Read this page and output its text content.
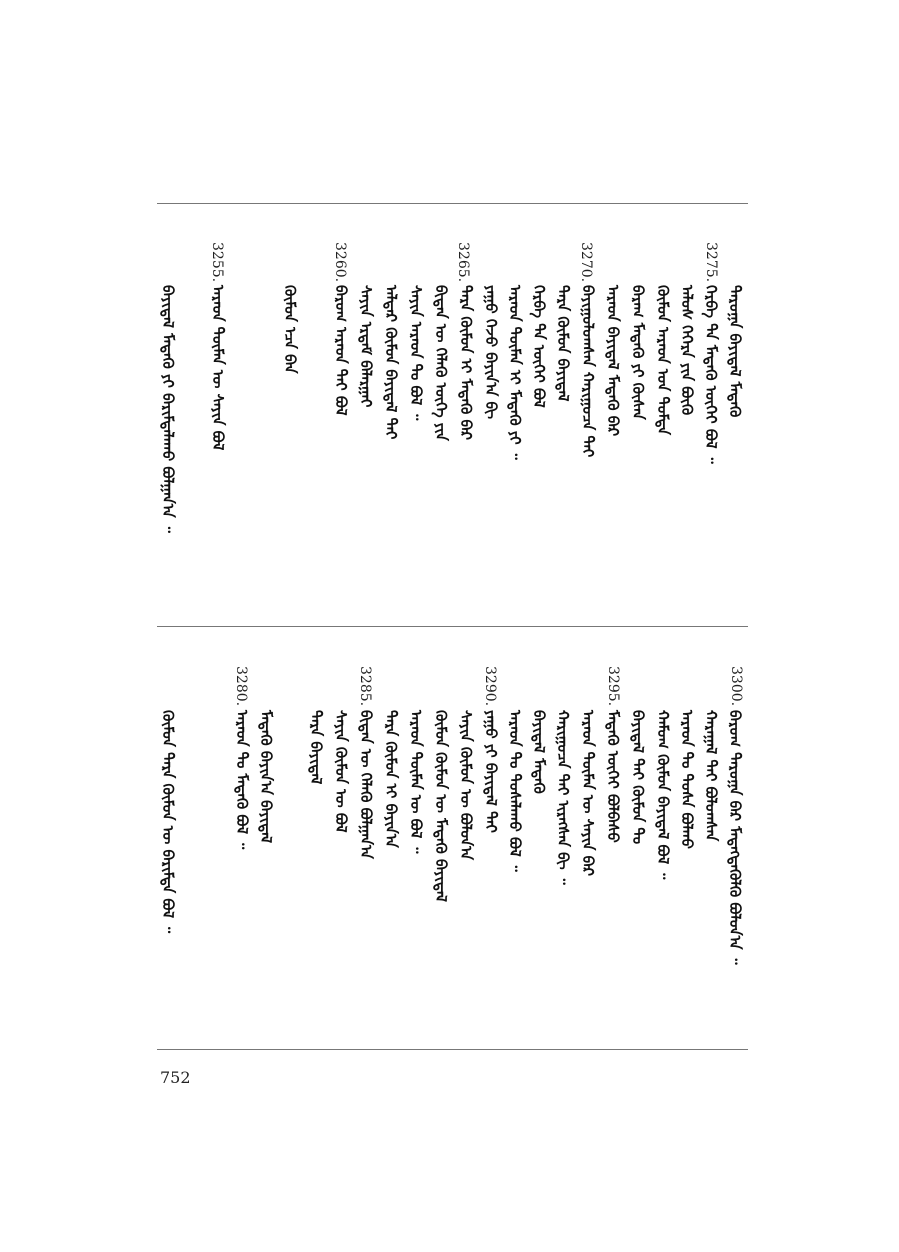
3275.
3270.
3265.
3260.
3255.
ᠳᠠᠷᠤᠭᠠ ᠪᠠᠶᠢᠳᠠᠯ ᠮᠡᠳᠡᠬᠦ
ᠬᠡᠷᠪᠡ ᠲᠠ ᠮᠡᠳᠡᠬᠦ ᠦᠭᠡᠢ ᠪᠣᠯ ᠃
ᠠᠯᠤᠰ ᠬᠡᠭᠡᠷᠡ ᠶᠢᠨ ᠪᠦᠬᠦ
ᠬᠦᠮᠦᠨ ᠠᠷᠠᠳ ᠤᠨ ᠳᠤᠮᠳᠠ
ᠪᠠᠷᠠᠭ ᠮᠡᠳᠡᠬᠦ ᠶᠢ ᠬᠦᠰᠡᠨ
ᠠᠷᠠᠳ ᠪᠠᠶᠢᠳᠠᠯ ᠮᠡᠳᠡᠬᠦ ᠪᠠᠷ
ᠪᠠᠶᠢᠭᠤᠯᠤᠭᠰᠠᠨ ᠬᠠᠷᠢᠭᠤᠴᠠ ᠲᠠᠢ
ᠲᠡᠷᠡ ᠬᠦᠮᠦᠨ ᠪᠠᠶᠢᠳᠠᠯ
ᠬᠡᠷᠪᠡ ᠲᠠ ᠦᠭᠡᠢ ᠪᠣᠯ
ᠠᠷᠠᠳ ᠲᠦᠮᠡᠨ ᠢ ᠮᠡᠳᠡᠬᠦ ᠶᠢ ᠃
ᠶᠠᠭᠤ ᠬᠡᠵᠦ ᠪᠠᠶᠢᠨ᠎ᠠ ᠪᠢ
ᠲᠡᠷᠡ ᠬᠦᠮᠦᠨ ᠢ ᠮᠡᠳᠡᠬᠦ ᠪᠠᠷ
ᠪᠢᠳᠡᠨ ᠦ ᠬᠡᠯᠡᠬᠦ ᠦᠭᠡ ᠶᠢᠨ
ᠰᠠᠶᠢᠨ ᠠᠷᠠᠳ ᠲᠤ ᠪᠣᠯ ᠃
ᠠᠯᠳᠠᠷ ᠬᠦᠮᠦᠨ ᠪᠠᠶᠢᠳᠠᠯ ᠲᠠᠢ
ᠰᠠᠶᠢᠨ ᠡᠷᠳᠡᠮ ᠪᠠᠯᠠᠷᠭᠠᠢ
ᠪᠠᠷᠤᠭ ᠠᠷᠠᠳ ᠲᠠᠢ ᠪᠣᠯ
ᠬᠦᠮᠦᠨ ᠡᠴᠡ ᠪᠡᠨ
ᠠᠷᠠᠳ ᠲᠦᠮᠡᠨ ᠦ ᠰᠠᠶᠢᠨ ᠪᠣᠯ
ᠪᠠᠶᠢᠳᠠᠯ ᠮᠡᠳᠡᠬᠦ ᠶᠢ ᠪᠠᠷᠢᠮᠲᠠᠯᠠᠬᠤ ᠪᠣᠯᠭᠠᠨ᠎ᠠ ᠃
3300.
3295.
3290.
3285.
3280.
ᠪᠠᠷᠤᠭ ᠳᠠᠷᠤᠭᠠ ᠪᠠᠷ ᠮᠡᠳᠡᠭᠳᠡᠭᠦᠯᠬᠦ ᠪᠣᠯᠣᠨ᠎ᠠ ᠃
ᠬᠠᠷᠠᠭᠠᠯ ᠲᠠᠢ ᠪᠣᠯᠣᠭᠰᠠᠨ
ᠠᠷᠠᠳ ᠲᠤ ᠲᠤᠰᠠ ᠪᠣᠯᠬᠤ
ᠬᠠᠮᠤᠭ ᠬᠦᠮᠦᠨ ᠪᠠᠶᠢᠳᠠᠯ ᠪᠣᠯ ᠃
ᠪᠠᠶᠢᠳᠠᠯ ᠲᠠᠢ ᠬᠦᠮᠦᠨ ᠲᠤ
ᠮᠡᠳᠡᠬᠦ ᠦᠭᠡᠢ ᠪᠣᠯᠪᠠᠰᠤ
ᠠᠷᠠᠳ ᠲᠦᠮᠡᠨ ᠦ ᠰᠠᠶᠢᠨ ᠪᠠᠷ
ᠬᠠᠷᠢᠭᠤᠴᠠ ᠲᠠᠢ ᠢᠷᠡᠭᠰᠡᠨ ᠪᠢ ᠃
ᠪᠠᠶᠢᠳᠠᠯ ᠮᠡᠳᠡᠬᠦ
ᠠᠷᠠᠳ ᠲᠤ ᠲᠤᠰᠠᠯᠠᠬᠤ ᠪᠣᠯ ᠃
ᠶᠠᠭᠤ ᠶᠢ ᠪᠠᠶᠢᠳᠠᠯ ᠲᠠᠢ
ᠰᠠᠶᠢᠨ ᠬᠦᠮᠦᠨ ᠦ ᠪᠣᠯᠣᠨ᠎ᠠ
ᠬᠦᠮᠦᠨ ᠬᠦᠮᠦᠨ ᠦ ᠮᠡᠳᠡᠬᠦ ᠪᠠᠶᠢᠳᠠᠯ
ᠠᠷᠠᠳ ᠲᠦᠮᠡᠨ ᠦ ᠪᠣᠯ ᠃
ᠲᠡᠷᠡ ᠬᠦᠮᠦᠨ ᠢ ᠪᠠᠶᠢᠨ᠎ᠠ
ᠪᠢᠳᠡᠨ ᠦ ᠬᠡᠯᠡᠬᠦ ᠪᠣᠯᠭᠠᠨ᠎ᠠ
ᠰᠠᠶᠢᠨ ᠬᠦᠮᠦᠨ ᠦ ᠪᠣᠯ
ᠲᠡᠷᠡ ᠪᠠᠶᠢᠳᠠᠯ
ᠮᠡᠳᠡᠬᠦ ᠪᠠᠶᠢᠨ᠎ᠠ ᠪᠠᠶᠢᠳᠠᠯ
ᠠᠷᠠᠳ ᠲᠤ ᠮᠡᠳᠡᠬᠦ ᠪᠣᠯ ᠃
ᠬᠦᠮᠦᠨ ᠲᠡᠷᠡ ᠬᠦᠮᠦᠨ ᠦ ᠪᠠᠷᠢᠮᠲᠠ ᠪᠣᠯ ᠃
752
